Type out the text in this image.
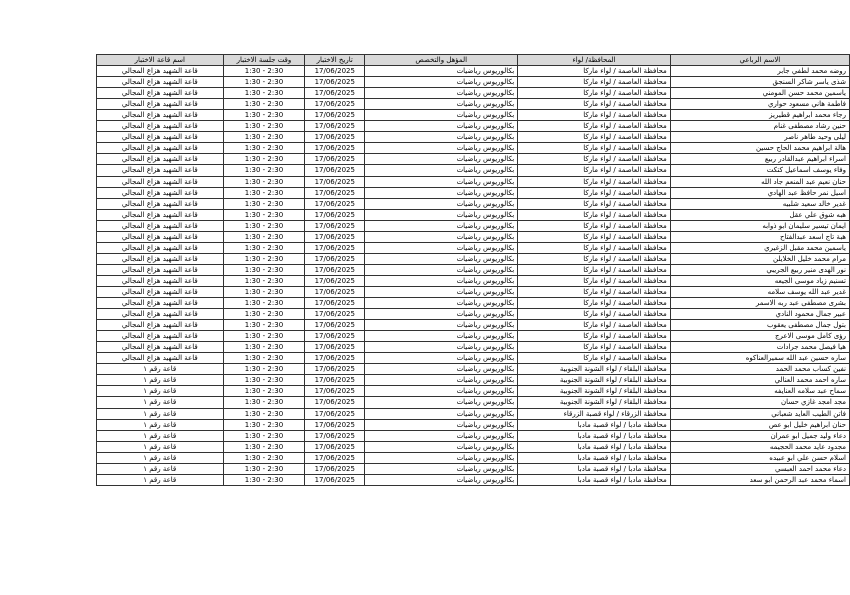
الاسم الرباعي	المحافظة/ لواء	المؤهل والتخصص	تاريخ الاختبار	وقت جلسة الاختبار	اسم قاعة الاختبار
روضه محمد لطفي جابر	محافظة العاصمة / لواء ماركا	بكالوريوس رياضيات	17/06/2025	1:30 - 2:30	قاعة الشهيد هزاع المجالي
شذى ياسر شاكر السنجق	محافظة العاصمة / لواء ماركا	بكالوريوس رياضيات	17/06/2025	1:30 - 2:30	قاعة الشهيد هزاع المجالي
ياسمين محمد حسن المومني	محافظة العاصمة / لواء ماركا	بكالوريوس رياضيات	17/06/2025	1:30 - 2:30	قاعة الشهيد هزاع المجالي
فاطمة هاني مسعود حواري	محافظة العاصمة / لواء ماركا	بكالوريوس رياضيات	17/06/2025	1:30 - 2:30	قاعة الشهيد هزاع المجالي
رجاء محمد ابراهيم قطيريز	محافظة العاصمة / لواء ماركا	بكالوريوس رياضيات	17/06/2025	1:30 - 2:30	قاعة الشهيد هزاع المجالي
حنين رشاد مصطفى غنام	محافظة العاصمة / لواء ماركا	بكالوريوس رياضيات	17/06/2025	1:30 - 2:30	قاعة الشهيد هزاع المجالي
ليلى وحيد طاهر ناصر	محافظة العاصمة / لواء ماركا	بكالوريوس رياضيات	17/06/2025	1:30 - 2:30	قاعة الشهيد هزاع المجالي
هالة ابراهيم محمد الحاج حسين	محافظة العاصمة / لواء ماركا	بكالوريوس رياضيات	17/06/2025	1:30 - 2:30	قاعة الشهيد هزاع المجالي
اسراء ابراهيم عبدالقادر ربيع	محافظة العاصمة / لواء ماركا	بكالوريوس رياضيات	17/06/2025	1:30 - 2:30	قاعة الشهيد هزاع المجالي
وفاء يوسف اسماعيل كتكت	محافظة العاصمة / لواء ماركا	بكالوريوس رياضيات	17/06/2025	1:30 - 2:30	قاعة الشهيد هزاع المجالي
حنان نعيم عبد المنعم جاد الله	محافظة العاصمة / لواء ماركا	بكالوريوس رياضيات	17/06/2025	1:30 - 2:30	قاعة الشهيد هزاع المجالي
اسيل نمر حافظ عبد الهادي	محافظة العاصمة / لواء ماركا	بكالوريوس رياضيات	17/06/2025	1:30 - 2:30	قاعة الشهيد هزاع المجالي
غدير خالد سعيد شلبيه	محافظة العاصمة / لواء ماركا	بكالوريوس رياضيات	17/06/2025	1:30 - 2:30	قاعة الشهيد هزاع المجالي
هبه شوق علي عقل	محافظة العاصمة / لواء ماركا	بكالوريوس رياضيات	17/06/2025	1:30 - 2:30	قاعة الشهيد هزاع المجالي
ايمان تيسير سليمان ابو ذوابه	محافظة العاصمة / لواء ماركا	بكالوريوس رياضيات	17/06/2025	1:30 - 2:30	قاعة الشهيد هزاع المجالي
هبة تاج اسعد عبدالفتاح	محافظة العاصمة / لواء ماركا	بكالوريوس رياضيات	17/06/2025	1:30 - 2:30	قاعة الشهيد هزاع المجالي
ياسمين محمد مقبل الزغيري	محافظة العاصمة / لواء ماركا	بكالوريوس رياضيات	17/06/2025	1:30 - 2:30	قاعة الشهيد هزاع المجالي
مرام محمد خليل الخلايلن	محافظة العاصمة / لواء ماركا	بكالوريوس رياضيات	17/06/2025	1:30 - 2:30	قاعة الشهيد هزاع المجالي
نور الهدى منير ربيع الجريبي	محافظة العاصمة / لواء ماركا	بكالوريوس رياضيات	17/06/2025	1:30 - 2:30	قاعة الشهيد هزاع المجالي
تسنيم زياد موسى الجيعه	محافظة العاصمة / لواء ماركا	بكالوريوس رياضيات	17/06/2025	1:30 - 2:30	قاعة الشهيد هزاع المجالي
غدير عبد الله يوسف سلامه	محافظة العاصمة / لواء ماركا	بكالوريوس رياضيات	17/06/2025	1:30 - 2:30	قاعة الشهيد هزاع المجالي
بشرى مصطفى عبد ربه الاسمر	محافظة العاصمة / لواء ماركا	بكالوريوس رياضيات	17/06/2025	1:30 - 2:30	قاعة الشهيد هزاع المجالي
عبير جمال محمود النادي	محافظة العاصمة / لواء ماركا	بكالوريوس رياضيات	17/06/2025	1:30 - 2:30	قاعة الشهيد هزاع المجالي
بتول جمال مصطفى يعقوب	محافظة العاصمة / لواء ماركا	بكالوريوس رياضيات	17/06/2025	1:30 - 2:30	قاعة الشهيد هزاع المجالي
رؤى كامل موسى الاعرج	محافظة العاصمة / لواء ماركا	بكالوريوس رياضيات	17/06/2025	1:30 - 2:30	قاعة الشهيد هزاع المجالي
هيا فيصل محمد جرادات	محافظة العاصمة / لواء ماركا	بكالوريوس رياضيات	17/06/2025	1:30 - 2:30	قاعة الشهيد هزاع المجالي
ساره حسين عبد الله سميرالعناكوه	محافظة العاصمة / لواء ماركا	بكالوريوس رياضيات	17/06/2025	1:30 - 2:30	قاعة الشهيد هزاع المجالي
نفين كساب محمد الحمد	محافظة البلقاء / لواء الشونة الجنوبية	بكالوريوس رياضيات	17/06/2025	1:30 - 2:30	قاعة رقم ١
ساره احمد محمد العنالي	محافظة البلقاء / لواء الشونة الجنوبية	بكالوريوس رياضيات	17/06/2025	1:30 - 2:30	قاعة رقم ١
سماح عبد سلامه العنايفه	محافظة البلقاء / لواء الشونة الجنوبية	بكالوريوس رياضيات	17/06/2025	1:30 - 2:30	قاعة رقم ١
مجد امجد غازي حسان	محافظة البلقاء / لواء الشونة الجنوبية	بكالوريوس رياضيات	17/06/2025	1:30 - 2:30	قاعة رقم ١
فاتن الطيب العايد شعباني	محافظة الزرقاء / لواء قصبة الزرقاء	بكالوريوس رياضيات	17/06/2025	1:30 - 2:30	قاعة رقم ١
حنان ابراهيم خليل ابو عص	محافظة مادبا / لواء قصبة مادبا	بكالوريوس رياضيات	17/06/2025	1:30 - 2:30	قاعة رقم ١
دعاء وليد جميل ابو عمران	محافظة مادبا / لواء قصبة مادبا	بكالوريوس رياضيات	17/06/2025	1:30 - 2:30	قاعة رقم ١
مجدود عايد محمد الحجيمه	محافظة مادبا / لواء قصبة مادبا	بكالوريوس رياضيات	17/06/2025	1:30 - 2:30	قاعة رقم ١
اسلام حسن علي ابو عبيده	محافظة مادبا / لواء قصبة مادبا	بكالوريوس رياضيات	17/06/2025	1:30 - 2:30	قاعة رقم ١
دعاء محمد احمد العبسي	محافظة مادبا / لواء قصبة مادبا	بكالوريوس رياضيات	17/06/2025	1:30 - 2:30	قاعة رقم ١
اسماء محمد عبد الرحمن ابو سعد	محافظة مادبا / لواء قصبة مادبا	بكالوريوس رياضيات	17/06/2025	1:30 - 2:30	قاعة رقم ١
